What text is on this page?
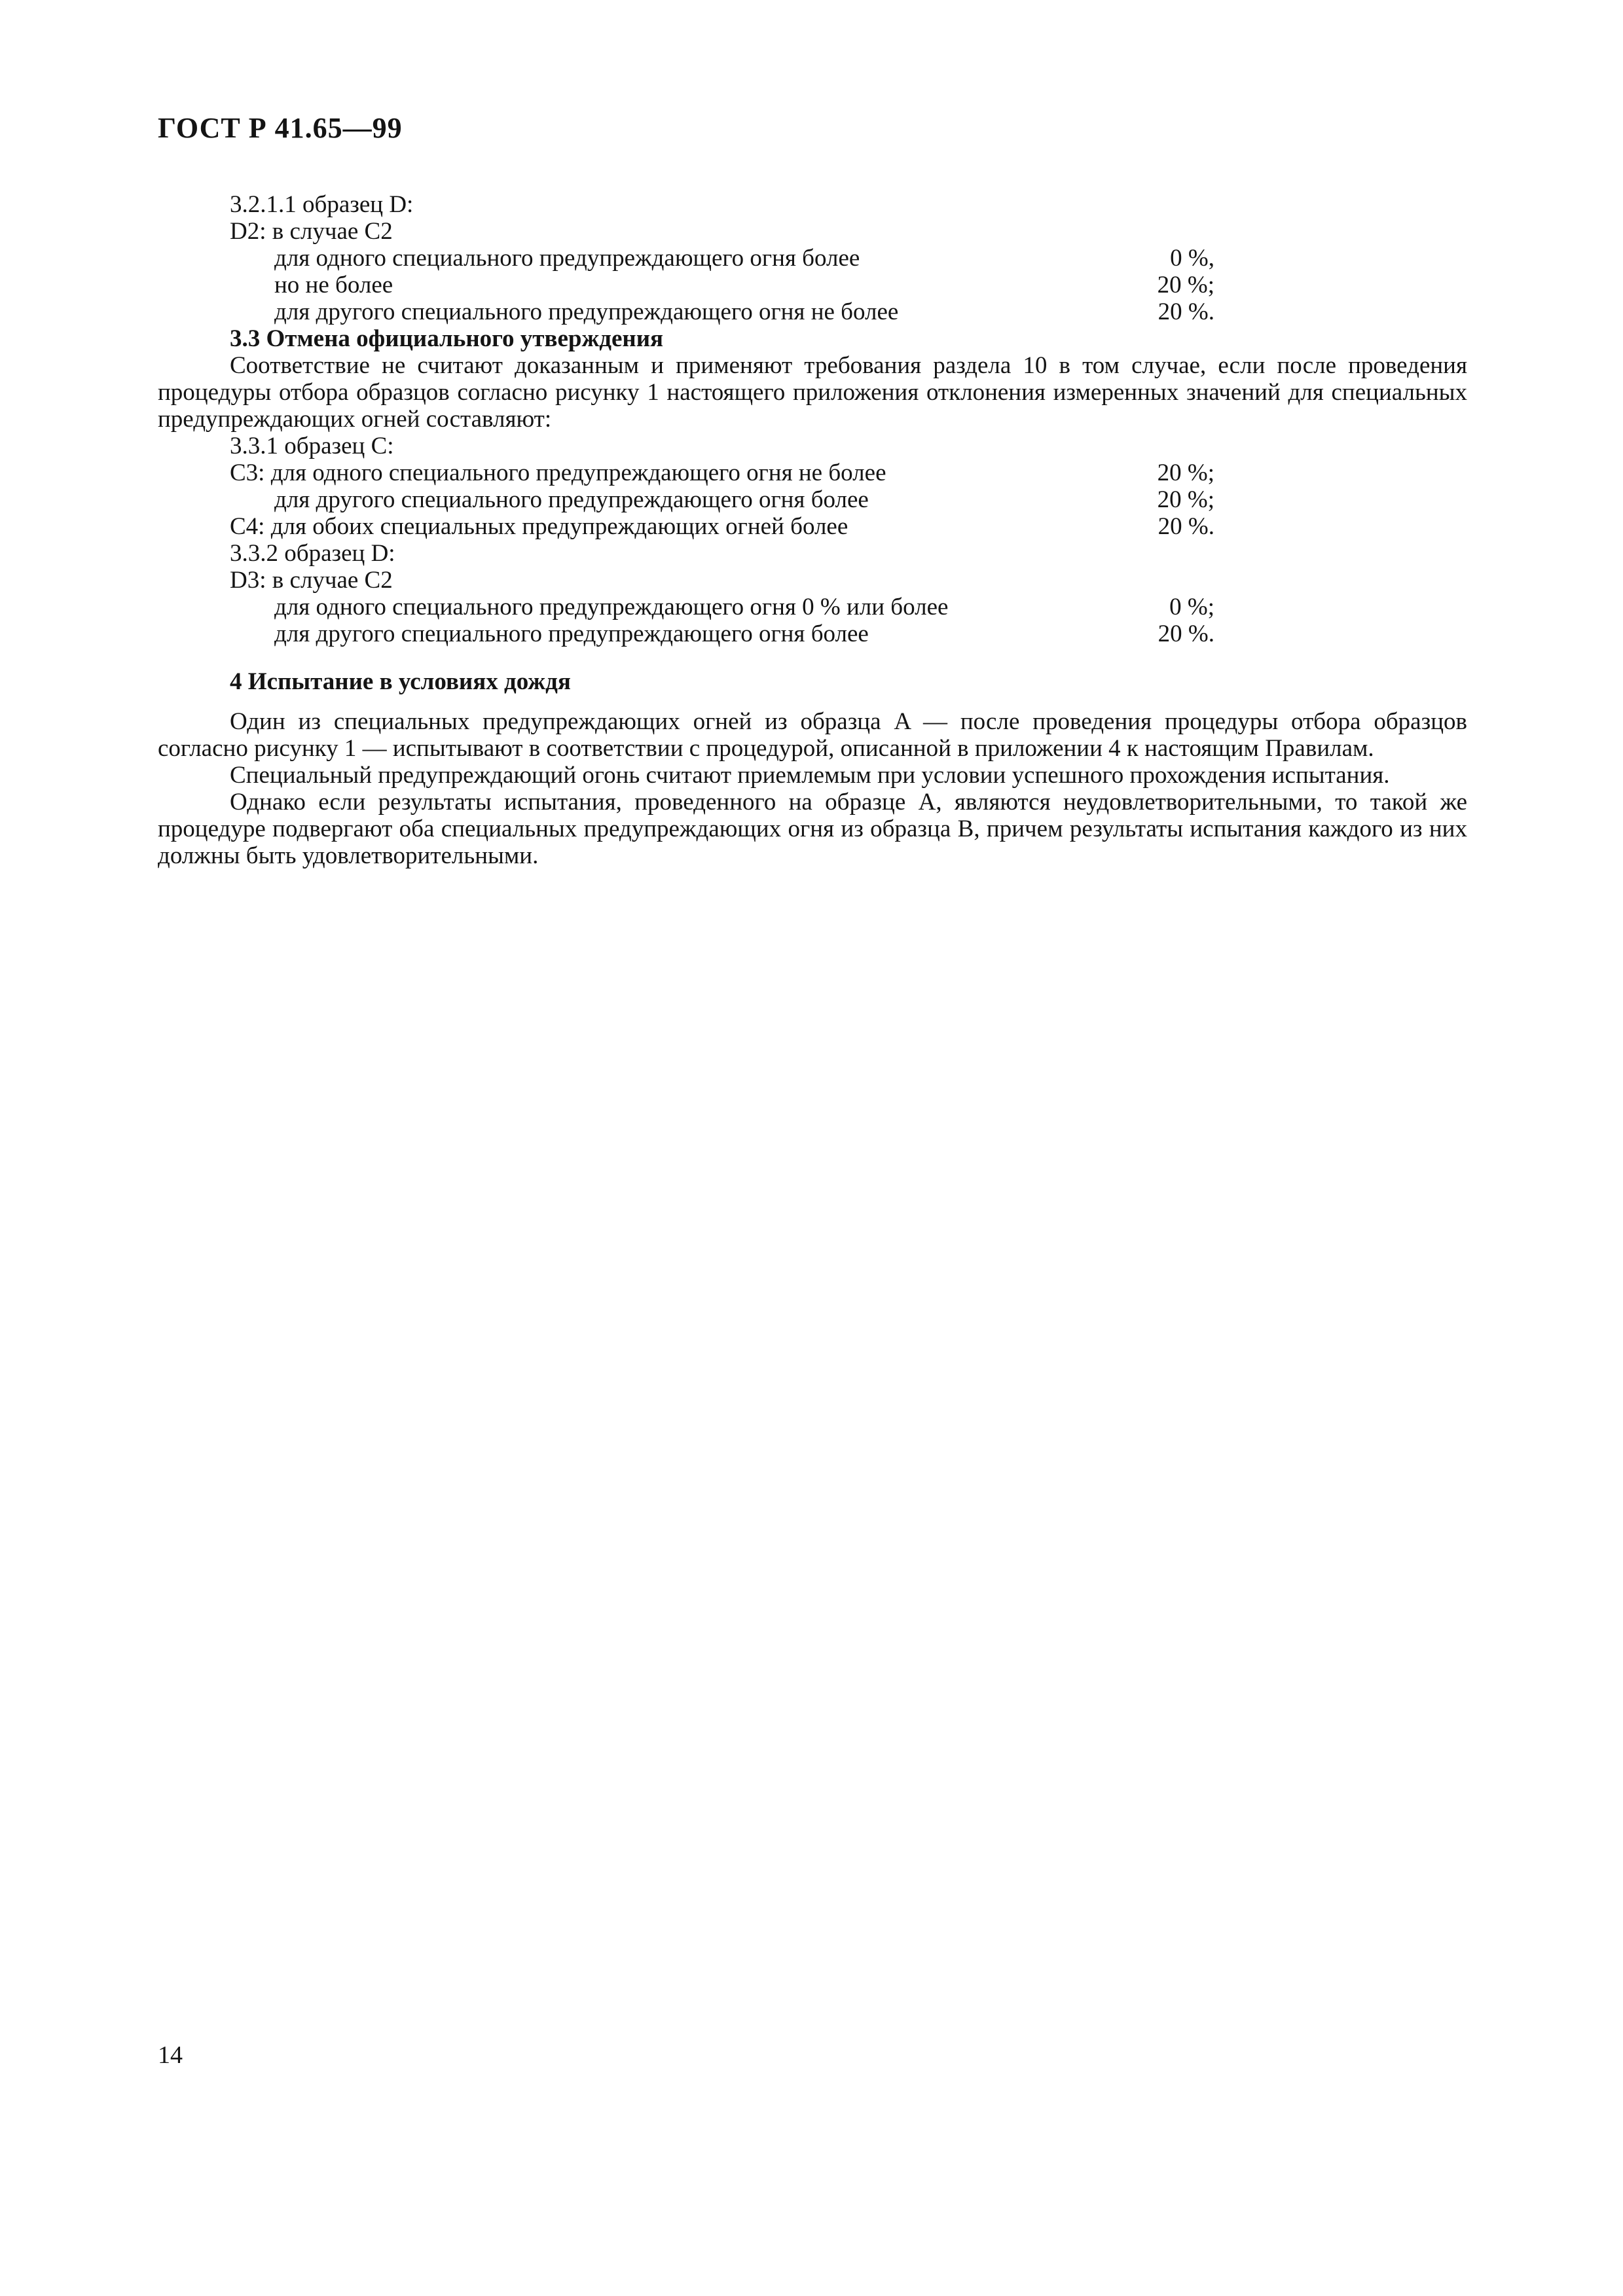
ГОСТ Р 41.65—99
3.2.1.1 образец D:
D2: в случае C2
для одного специального предупреждающего огня более	0 %,
но не более	20 %;
для другого специального предупреждающего огня не более	20 %.
3.3 Отмена официального утверждения
Соответствие не считают доказанным и применяют требования раздела 10 в том случае, если после проведения процедуры отбора образцов согласно рисунку 1 настоящего приложения отклонения измеренных значений для специальных предупреждающих огней составляют:
3.3.1 образец C:
C3: для одного специального предупреждающего огня не более	20 %;
для другого специального предупреждающего огня более	20 %;
C4: для обоих специальных предупреждающих огней более	20 %.
3.3.2 образец D:
D3: в случае C2
для одного специального предупреждающего огня 0 % или более	0 %;
для другого специального предупреждающего огня более	20 %.
4 Испытание в условиях дождя
Один из специальных предупреждающих огней из образца A — после проведения процедуры отбора образцов согласно рисунку 1 — испытывают в соответствии с процедурой, описанной в приложении 4 к настоящим Правилам.
Специальный предупреждающий огонь считают приемлемым при условии успешного прохождения испытания.
Однако если результаты испытания, проведенного на образце A, являются неудовлетворительными, то такой же процедуре подвергают оба специальных предупреждающих огня из образца B, причем результаты испытания каждого из них должны быть удовлетворительными.
14
